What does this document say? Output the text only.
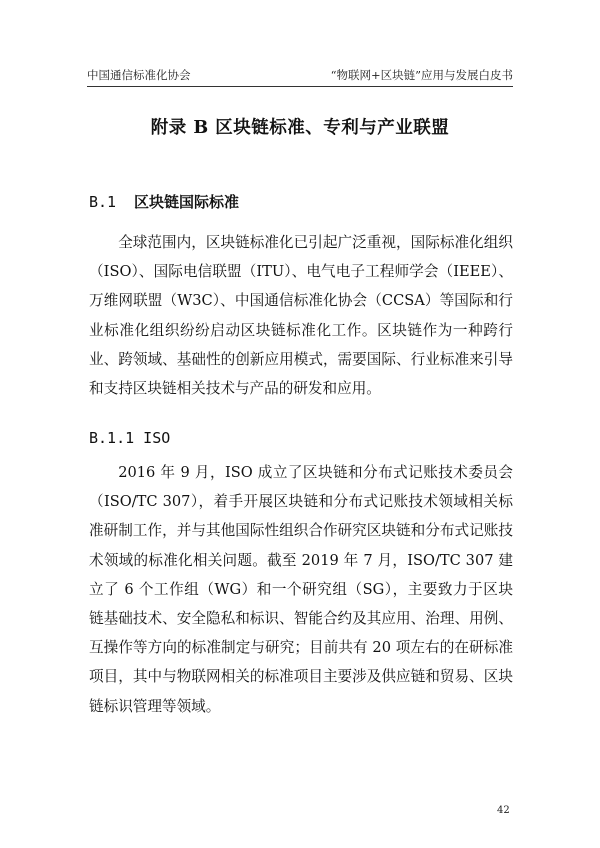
中国通信标准化协会	“物联网+区块链”应用与发展白皮书
附录 B 区块链标准、专利与产业联盟
B.1 区块链国际标准

全球范围内，区块链标准化已引起广泛重视，国际标准化组织（ISO）、国际电信联盟（ITU）、电气电子工程师学会（IEEE）、万维网联盟（W3C）、中国通信标准化协会（CCSA）等国际和行业标准化组织纷纷启动区块链标准化工作。区块链作为一种跨行业、跨领域、基础性的创新应用模式，需要国际、行业标准来引导和支持区块链相关技术与产品的研发和应用。

B.1.1 ISO

2016 年 9 月，ISO 成立了区块链和分布式记账技术委员会（ISO/TC 307），着手开展区块链和分布式记账技术领域相关标准研制工作，并与其他国际性组织合作研究区块链和分布式记账技术领域的标准化相关问题。截至 2019 年 7 月，ISO/TC 307 建立了 6 个工作组（WG）和一个研究组（SG），主要致力于区块链基础技术、安全隐私和标识、智能合约及其应用、治理、用例、互操作等方向的标准制定与研究；目前共有 20 项左右的在研标准项目，其中与物联网相关的标准项目主要涉及供应链和贸易、区块链标识管理等领域。

42
